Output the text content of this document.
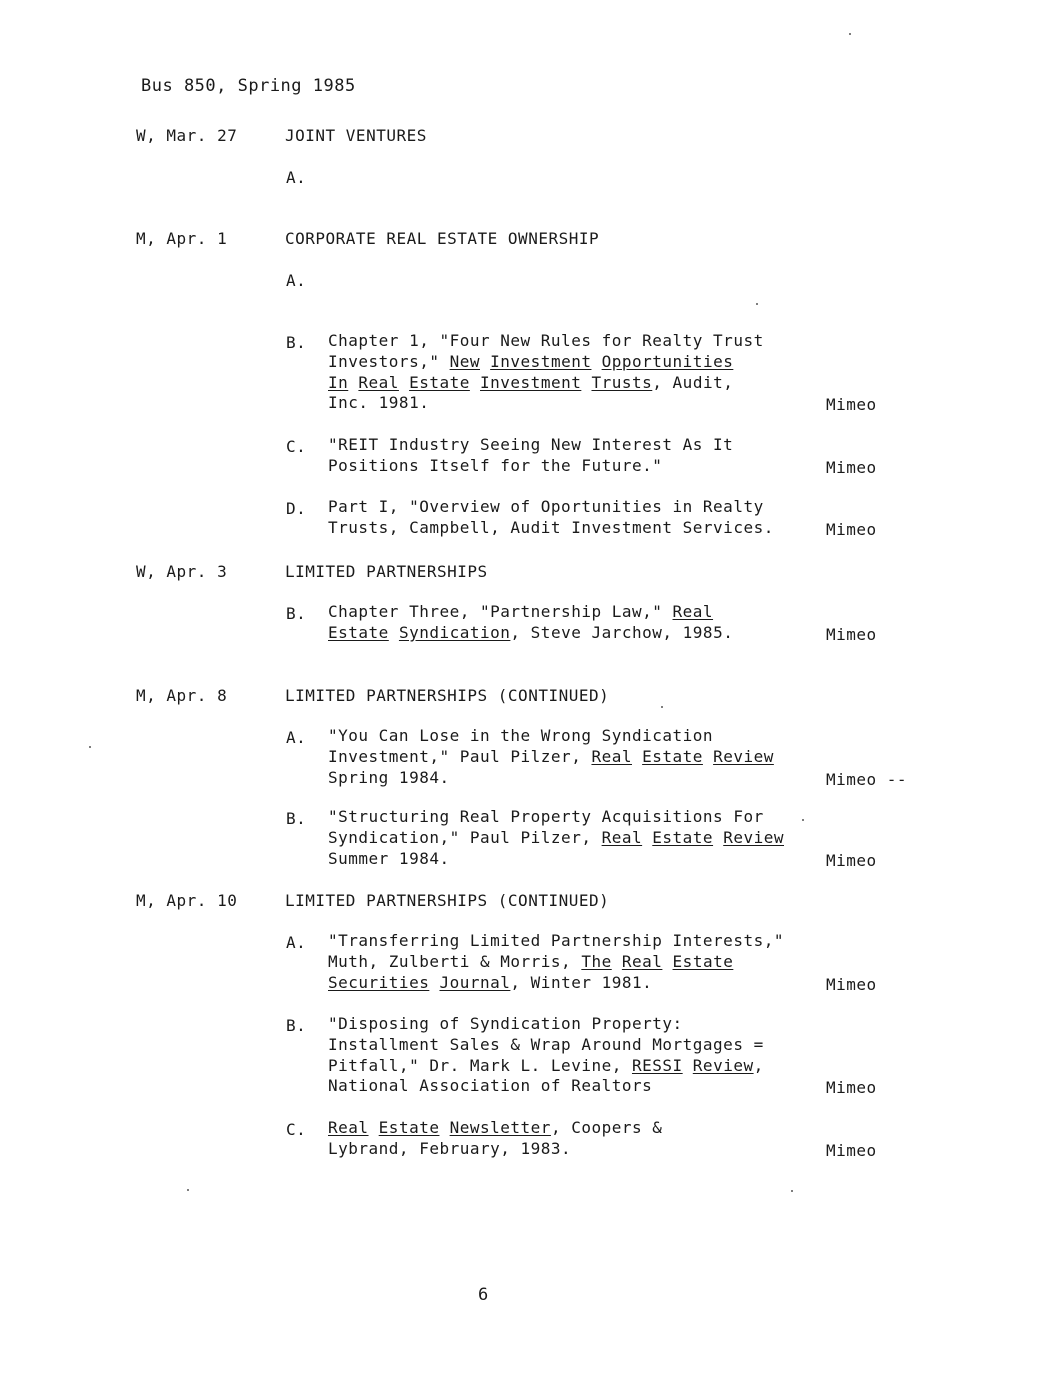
Bus 850, Spring 1985
W, Mar. 27	JOINT VENTURES
A.
M, Apr. 1	CORPORATE REAL ESTATE OWNERSHIP
A.
B. Chapter 1, "Four New Rules for Realty Trust
Investors," New Investment Opportunities
In Real Estate Investment Trusts, Audit,
Inc. 1981.	Mimeo
C. "REIT Industry Seeing New Interest As It
Positions Itself for the Future."	Mimeo
D. Part I, "Overview of Oportunities in Realty
Trusts, Campbell, Audit Investment Services.	Mimeo
W, Apr. 3	LIMITED PARTNERSHIPS
B. Chapter Three, "Partnership Law," Real
Estate Syndication, Steve Jarchow, 1985.	Mimeo
M, Apr. 8	LIMITED PARTNERSHIPS (CONTINUED)
A. "You Can Lose in the Wrong Syndication
Investment," Paul Pilzer, Real Estate Review
Spring 1984.	Mimeo --
B. "Structuring Real Property Acquisitions For
Syndication," Paul Pilzer, Real Estate Review
Summer 1984.	Mimeo
M, Apr. 10	LIMITED PARTNERSHIPS (CONTINUED)
A. "Transferring Limited Partnership Interests,"
Muth, Zulberti & Morris, The Real Estate
Securities Journal, Winter 1981.	Mimeo
B. "Disposing of Syndication Property:
Installment Sales & Wrap Around Mortgages =
Pitfall," Dr. Mark L. Levine, RESSI Review,
National Association of Realtors	Mimeo
C. Real Estate Newsletter, Coopers &
Lybrand, February, 1983.	Mimeo
6
